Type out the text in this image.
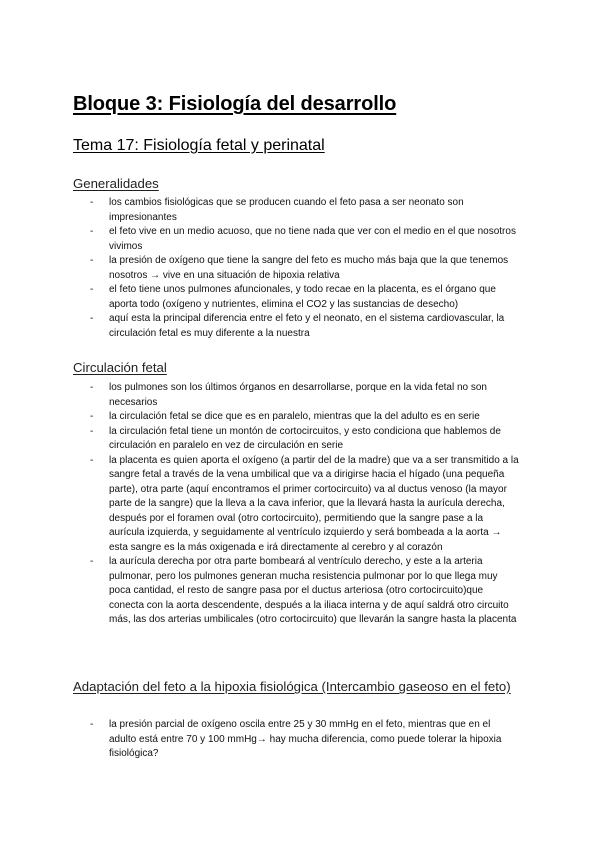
Bloque 3: Fisiología del desarrollo
Tema 17: Fisiología fetal y perinatal
Generalidades
- los cambios fisiológicas que se producen cuando el feto pasa a ser neonato son impresionantes
- el feto vive en un medio acuoso, que no tiene nada que ver con el medio en el que nosotros vivimos
- la presión de oxígeno que tiene la sangre del feto es mucho más baja que la que tenemos nosotros → vive en una situación de hipoxia relativa
- el feto tiene unos pulmones afuncionales, y todo recae en la placenta, es el órgano que aporta todo (oxígeno y nutrientes, elimina el CO2 y las sustancias de desecho)
- aquí esta la principal diferencia entre el feto y el neonato, en el sistema cardiovascular, la circulación fetal es muy diferente a la nuestra
Circulación fetal
- los pulmones son los últimos órganos en desarrollarse, porque en la vida fetal no son necesarios
- la circulación fetal se dice que es en paralelo, mientras que la del adulto es en serie
- la circulación fetal tiene un montón de cortocircuitos, y esto condiciona que hablemos de circulación en paralelo en vez de circulación en serie
- la placenta es quien aporta el oxígeno (a partir del de la madre) que va a ser transmitido a la sangre fetal a través de la vena umbilical que va a dirigirse hacia el hígado (una pequeña parte), otra parte (aquí encontramos el primer cortocircuito) va al ductus venoso (la mayor parte de la sangre) que la lleva a la cava inferior, que la llevará hasta la aurícula derecha, después por el foramen oval (otro cortocircuito), permitiendo que la sangre pase a la aurícula izquierda, y seguidamente al ventrículo izquierdo y será bombeada a la aorta → esta sangre es la más oxigenada e irá directamente al cerebro y al corazón
- la aurícula derecha por otra parte bombeará al ventrículo derecho, y este a la arteria pulmonar, pero los pulmones generan mucha resistencia pulmonar por lo que llega muy poca cantidad, el resto de sangre pasa por el ductus arteriosa (otro cortocircuito)que conecta con la aorta descendente, después a la iliaca interna y de aquí saldrá otro circuito más, las dos arterias umbilicales (otro cortocircuito) que llevarán la sangre hasta la placenta
Adaptación del feto a la hipoxia fisiológica (Intercambio gaseoso en el feto)
- la presión parcial de oxígeno oscila entre 25 y 30 mmHg en el feto, mientras que en el adulto está entre 70 y 100 mmHg→ hay mucha diferencia, como puede tolerar la hipoxia fisiológica?
